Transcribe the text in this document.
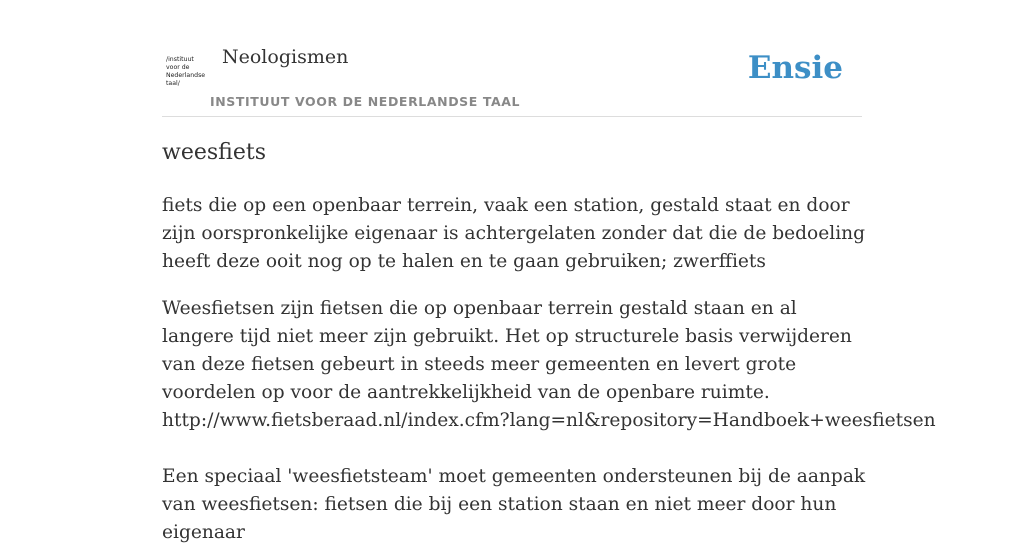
/instituut
voor de
Nederlandse
taal/
Neologismen
INSTITUUT VOOR DE NEDERLANDSE TAAL
Ensie
weesfiets

fiets die op een openbaar terrein, vaak een station, gestald staat en door zijn oorspronkelijke eigenaar is achtergelaten zonder dat die de bedoeling heeft deze ooit nog op te halen en te gaan gebruiken; zwerffiets

Weesfietsen zijn fietsen die op openbaar terrein gestald staan en al langere tijd niet meer zijn gebruikt. Het op structurele basis verwijderen van deze fietsen gebeurt in steeds meer gemeenten en levert grote voordelen op voor de aantrekkelijkheid van de openbare ruimte.
http://www.fietsberaad.nl/index.cfm?lang=nl&repository=Handboek+weesfietsen
Een speciaal 'weesfietsteam' moet gemeenten ondersteunen bij de aanpak van weesfietsen: fietsen die bij een station staan en niet meer door hun eigenaar
